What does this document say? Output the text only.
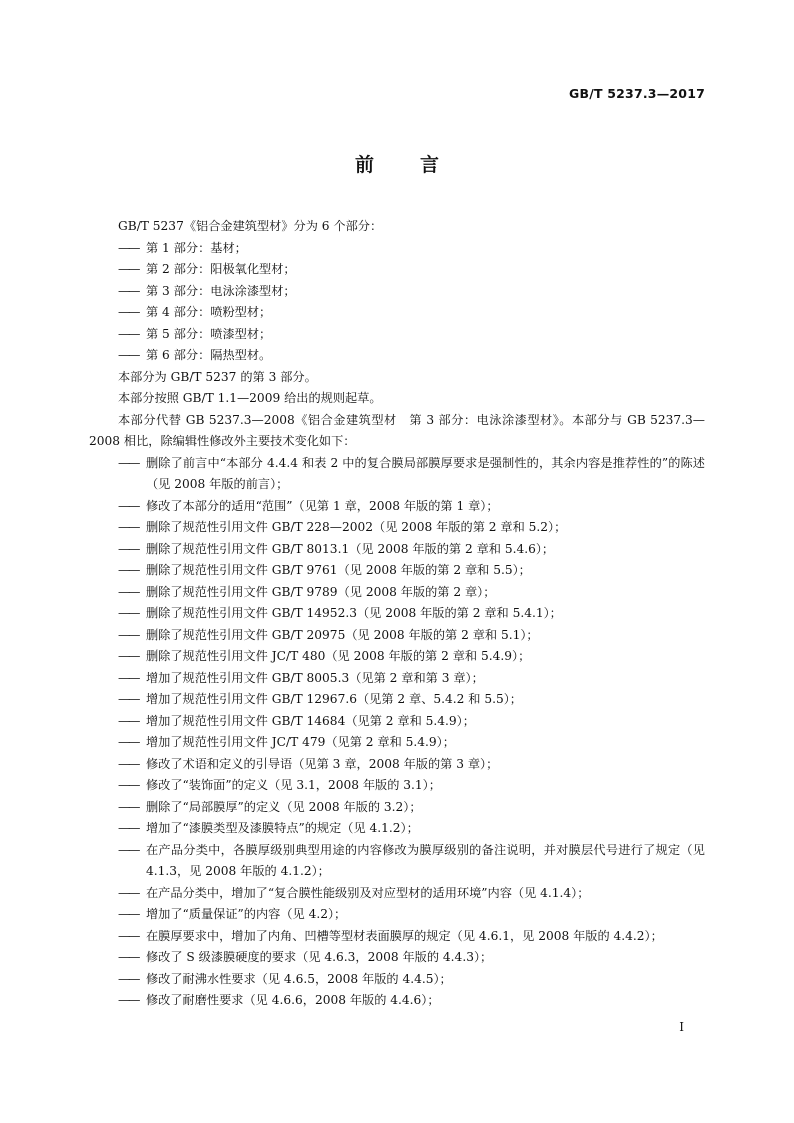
GB/T 5237.3—2017

前言

GB/T 5237《铝合金建筑型材》分为 6 个部分：

—— 第 1 部分：基材；

—— 第 2 部分：阳极氧化型材；

—— 第 3 部分：电泳涂漆型材；

—— 第 4 部分：喷粉型材；

—— 第 5 部分：喷漆型材；

—— 第 6 部分：隔热型材。

本部分为 GB/T 5237 的第 3 部分。

本部分按照 GB/T 1.1—2009 给出的规则起草。

本部分代替 GB 5237.3—2008《铝合金建筑型材　第 3 部分：电泳涂漆型材》。本部分与 GB 5237.3—2008 相比，除编辑性修改外主要技术变化如下：

—— 删除了前言中“本部分 4.4.4 和表 2 中的复合膜局部膜厚要求是强制性的，其余内容是推荐性的”的陈述（见 2008 年版的前言）；

—— 修改了本部分的适用“范围”（见第 1 章，2008 年版的第 1 章）；

—— 删除了规范性引用文件 GB/T 228—2002（见 2008 年版的第 2 章和 5.2）；

—— 删除了规范性引用文件 GB/T 8013.1（见 2008 年版的第 2 章和 5.4.6）；

—— 删除了规范性引用文件 GB/T 9761（见 2008 年版的第 2 章和 5.5）；

—— 删除了规范性引用文件 GB/T 9789（见 2008 年版的第 2 章）；

—— 删除了规范性引用文件 GB/T 14952.3（见 2008 年版的第 2 章和 5.4.1）；

—— 删除了规范性引用文件 GB/T 20975（见 2008 年版的第 2 章和 5.1）；

—— 删除了规范性引用文件 JC/T 480（见 2008 年版的第 2 章和 5.4.9）；

—— 增加了规范性引用文件 GB/T 8005.3（见第 2 章和第 3 章）；

—— 增加了规范性引用文件 GB/T 12967.6（见第 2 章、5.4.2 和 5.5）；

—— 增加了规范性引用文件 GB/T 14684（见第 2 章和 5.4.9）；

—— 增加了规范性引用文件 JC/T 479（见第 2 章和 5.4.9）；

—— 修改了术语和定义的引导语（见第 3 章，2008 年版的第 3 章）；

—— 修改了“装饰面”的定义（见 3.1，2008 年版的 3.1）；

—— 删除了“局部膜厚”的定义（见 2008 年版的 3.2）；

—— 增加了“漆膜类型及漆膜特点”的规定（见 4.1.2）；

—— 在产品分类中，各膜厚级别典型用途的内容修改为膜厚级别的备注说明，并对膜层代号进行了规定（见 4.1.3，见 2008 年版的 4.1.2）；

—— 在产品分类中，增加了“复合膜性能级别及对应型材的适用环境”内容（见 4.1.4）；

—— 增加了“质量保证”的内容（见 4.2）；

—— 在膜厚要求中，增加了内角、凹槽等型材表面膜厚的规定（见 4.6.1，见 2008 年版的 4.4.2）；

—— 修改了 S 级漆膜硬度的要求（见 4.6.3，2008 年版的 4.4.3）；

—— 修改了耐沸水性要求（见 4.6.5，2008 年版的 4.4.5）；

—— 修改了耐磨性要求（见 4.6.6，2008 年版的 4.4.6）；

I
